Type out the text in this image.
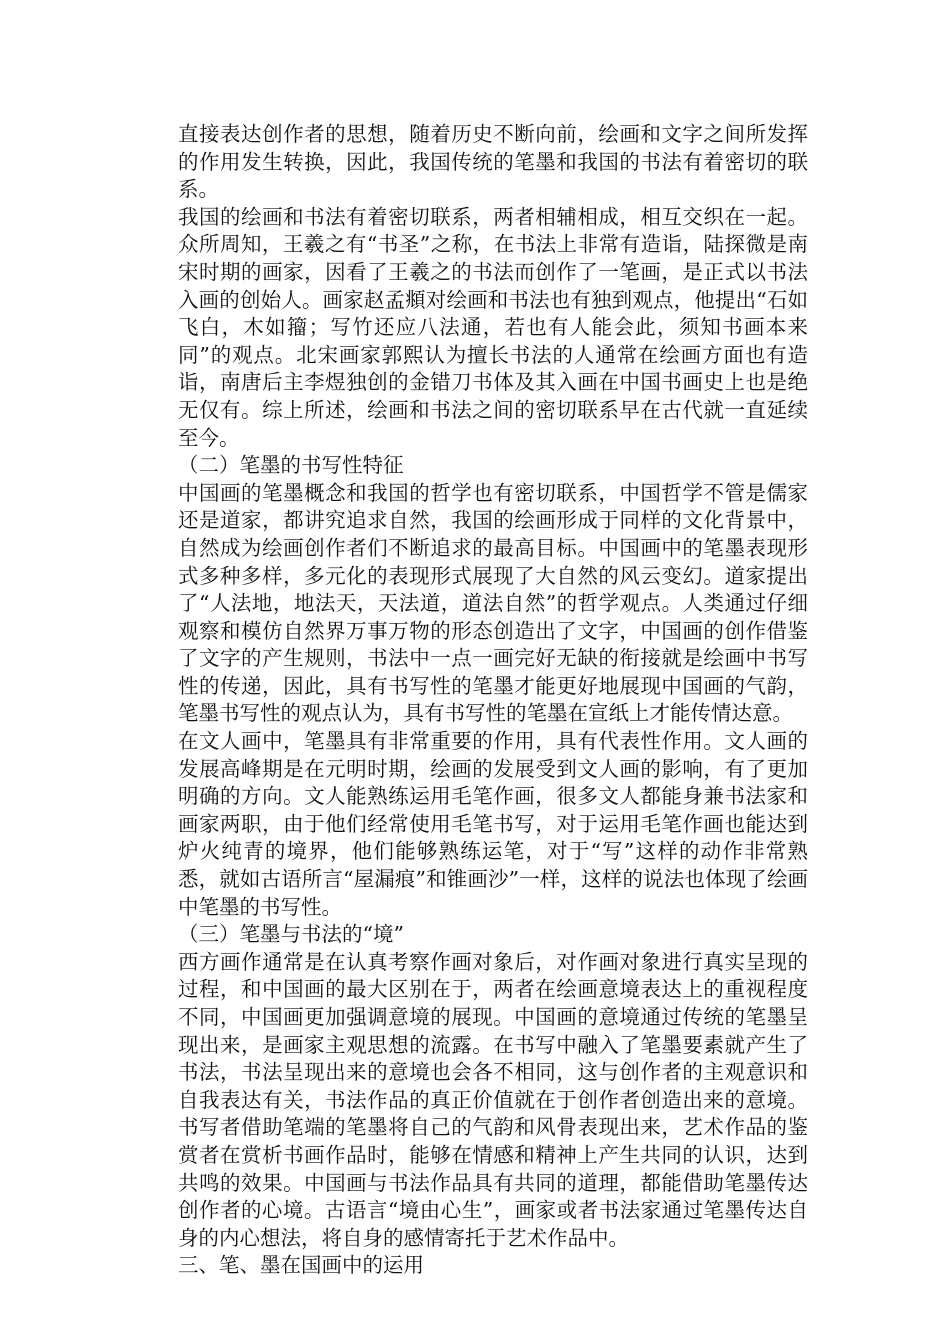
直接表达创作者的思想，随着历史不断向前，绘画和文字之间所发挥的作用发生转换，因此，我国传统的笔墨和我国的书法有着密切的联系。

我国的绘画和书法有着密切联系，两者相辅相成，相互交织在一起。众所周知，王羲之有“书圣”之称，在书法上非常有造诣，陆探微是南宋时期的画家，因看了王羲之的书法而创作了一笔画，是正式以书法入画的创始人。画家赵孟頫对绘画和书法也有独到观点，他提出“石如飞白，木如籀；写竹还应八法通，若也有人能会此，须知书画本来同”的观点。北宋画家郭熙认为擅长书法的人通常在绘画方面也有造诣，南唐后主李煜独创的金错刀书体及其入画在中国书画史上也是绝无仅有。综上所述，绘画和书法之间的密切联系早在古代就一直延续至今。

（二）笔墨的书写性特征

中国画的笔墨概念和我国的哲学也有密切联系，中国哲学不管是儒家还是道家，都讲究追求自然，我国的绘画形成于同样的文化背景中，自然成为绘画创作者们不断追求的最高目标。中国画中的笔墨表现形式多种多样，多元化的表现形式展现了大自然的风云变幻。道家提出了“人法地，地法天，天法道，道法自然”的哲学观点。人类通过仔细观察和模仿自然界万事万物的形态创造出了文字，中国画的创作借鉴了文字的产生规则，书法中一点一画完好无缺的衔接就是绘画中书写性的传递，因此，具有书写性的笔墨才能更好地展现中国画的气韵，笔墨书写性的观点认为，具有书写性的笔墨在宣纸上才能传情达意。

在文人画中，笔墨具有非常重要的作用，具有代表性作用。文人画的发展高峰期是在元明时期，绘画的发展受到文人画的影响，有了更加明确的方向。文人能熟练运用毛笔作画，很多文人都能身兼书法家和画家两职，由于他们经常使用毛笔书写，对于运用毛笔作画也能达到炉火纯青的境界，他们能够熟练运笔，对于“写”这样的动作非常熟悉，就如古语所言“屋漏痕”和锥画沙”一样，这样的说法也体现了绘画中笔墨的书写性。

（三）笔墨与书法的“境”

西方画作通常是在认真考察作画对象后，对作画对象进行真实呈现的过程，和中国画的最大区别在于，两者在绘画意境表达上的重视程度不同，中国画更加强调意境的展现。中国画的意境通过传统的笔墨呈现出来，是画家主观思想的流露。在书写中融入了笔墨要素就产生了书法，书法呈现出来的意境也会各不相同，这与创作者的主观意识和自我表达有关，书法作品的真正价值就在于创作者创造出来的意境。书写者借助笔端的笔墨将自己的气韵和风骨表现出来，艺术作品的鉴赏者在赏析书画作品时，能够在情感和精神上产生共同的认识，达到共鸣的效果。中国画与书法作品具有共同的道理，都能借助笔墨传达创作者的心境。古语言“境由心生”，画家或者书法家通过笔墨传达自身的内心想法，将自身的感情寄托于艺术作品中。

三、笔、墨在国画中的运用
